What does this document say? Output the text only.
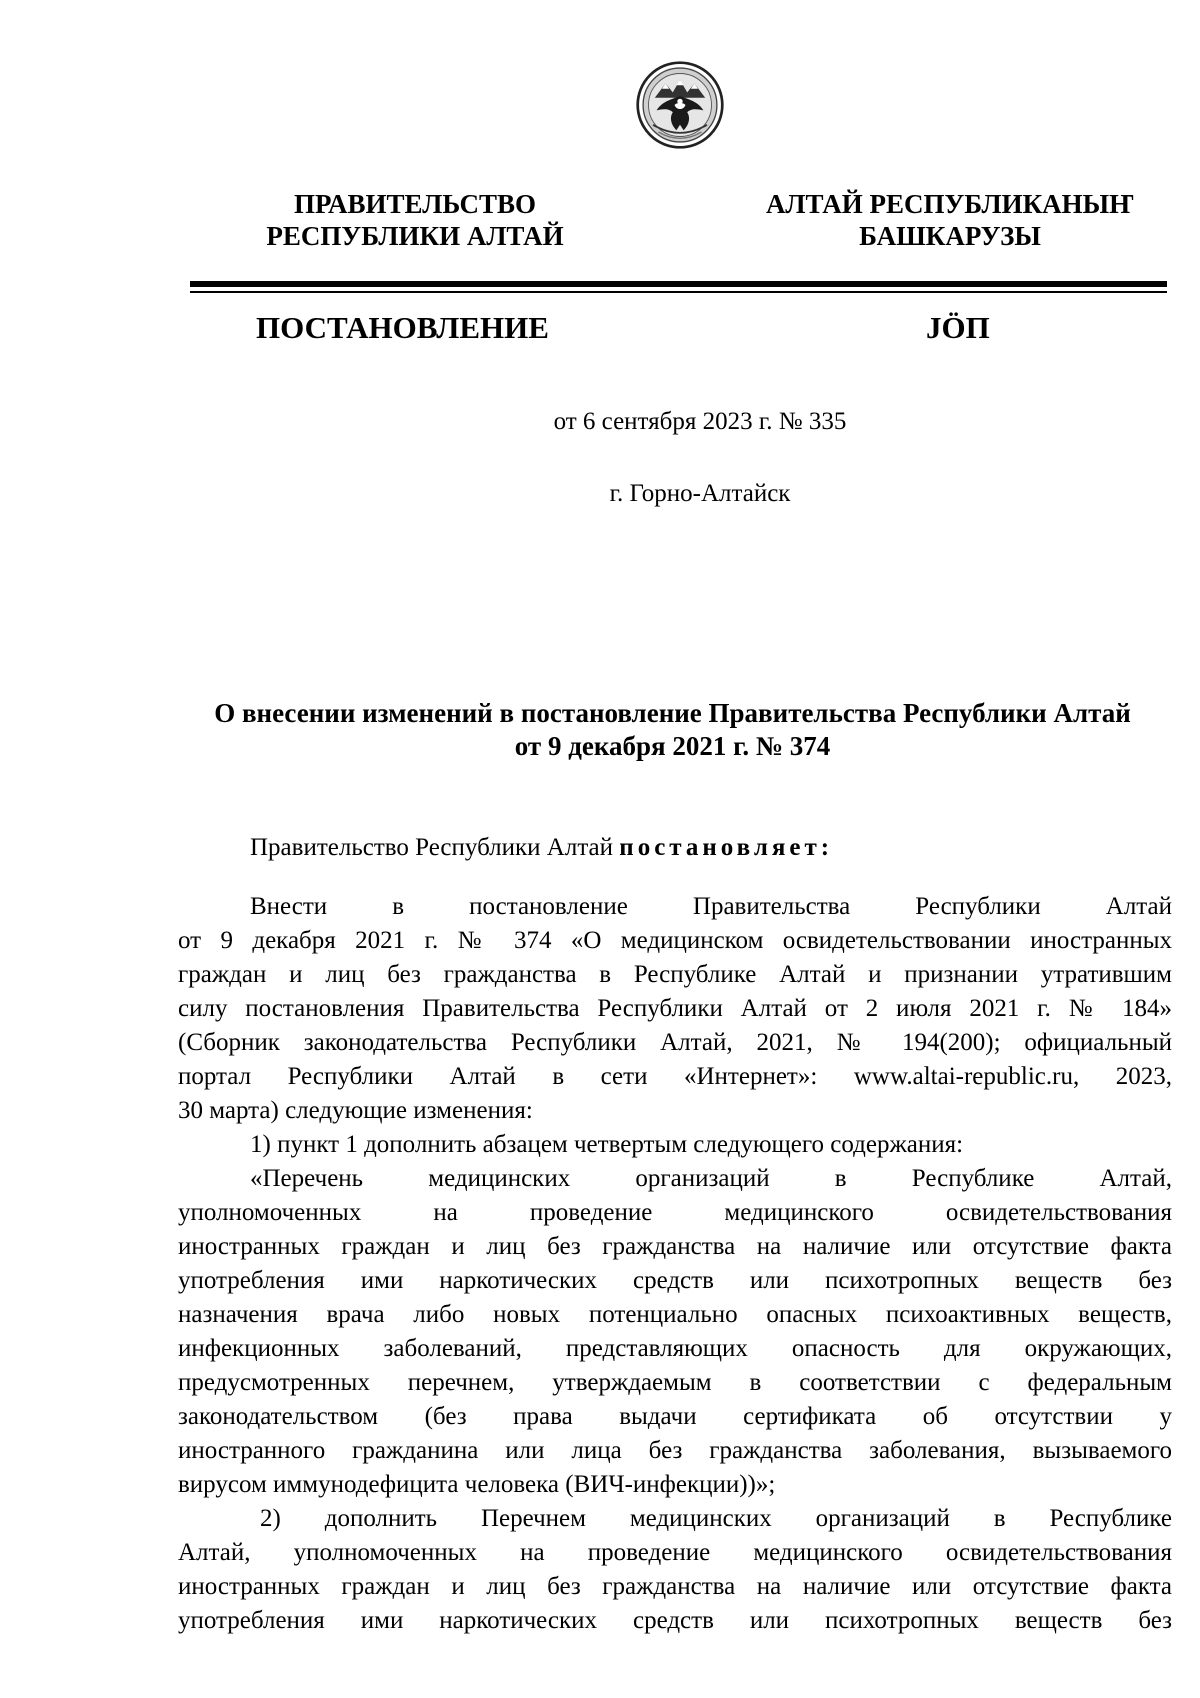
ПРАВИТЕЛЬСТВО
РЕСПУБЛИКИ АЛТАЙ
АЛТАЙ РЕСПУБЛИКАНЫҤ
БАШКАРУЗЫ
ПОСТАНОВЛЕНИЕ	JӦП
от 6 сентября 2023 г. № 335
г. Горно-Алтайск
О внесении изменений в постановление Правительства Республики Алтай
от 9 декабря 2021 г. № 374
Правительство Республики Алтай постановляет:
Внести в постановление Правительства Республики Алтай
от 9 декабря 2021 г. № 374 «О медицинском освидетельствовании иностранных
граждан и лиц без гражданства в Республике Алтай и признании утратившим
силу постановления Правительства Республики Алтай от 2 июля 2021 г. № 184»
(Сборник законодательства Республики Алтай, 2021, № 194(200); официальный
портал Республики Алтай в сети «Интернет»: www.altai-republic.ru, 2023,
30 марта) следующие изменения:
1) пункт 1 дополнить абзацем четвертым следующего содержания:
«Перечень медицинских организаций в Республике Алтай,
уполномоченных на проведение медицинского освидетельствования
иностранных граждан и лиц без гражданства на наличие или отсутствие факта
употребления ими наркотических средств или психотропных веществ без
назначения врача либо новых потенциально опасных психоактивных веществ,
инфекционных заболеваний, представляющих опасность для окружающих,
предусмотренных перечнем, утверждаемым в соответствии с федеральным
законодательством (без права выдачи сертификата об отсутствии у
иностранного гражданина или лица без гражданства заболевания, вызываемого
вирусом иммунодефицита человека (ВИЧ-инфекции))»;
2) дополнить Перечнем медицинских организаций в Республике
Алтай, уполномоченных на проведение медицинского освидетельствования
иностранных граждан и лиц без гражданства на наличие или отсутствие факта
употребления ими наркотических средств или психотропных веществ без
